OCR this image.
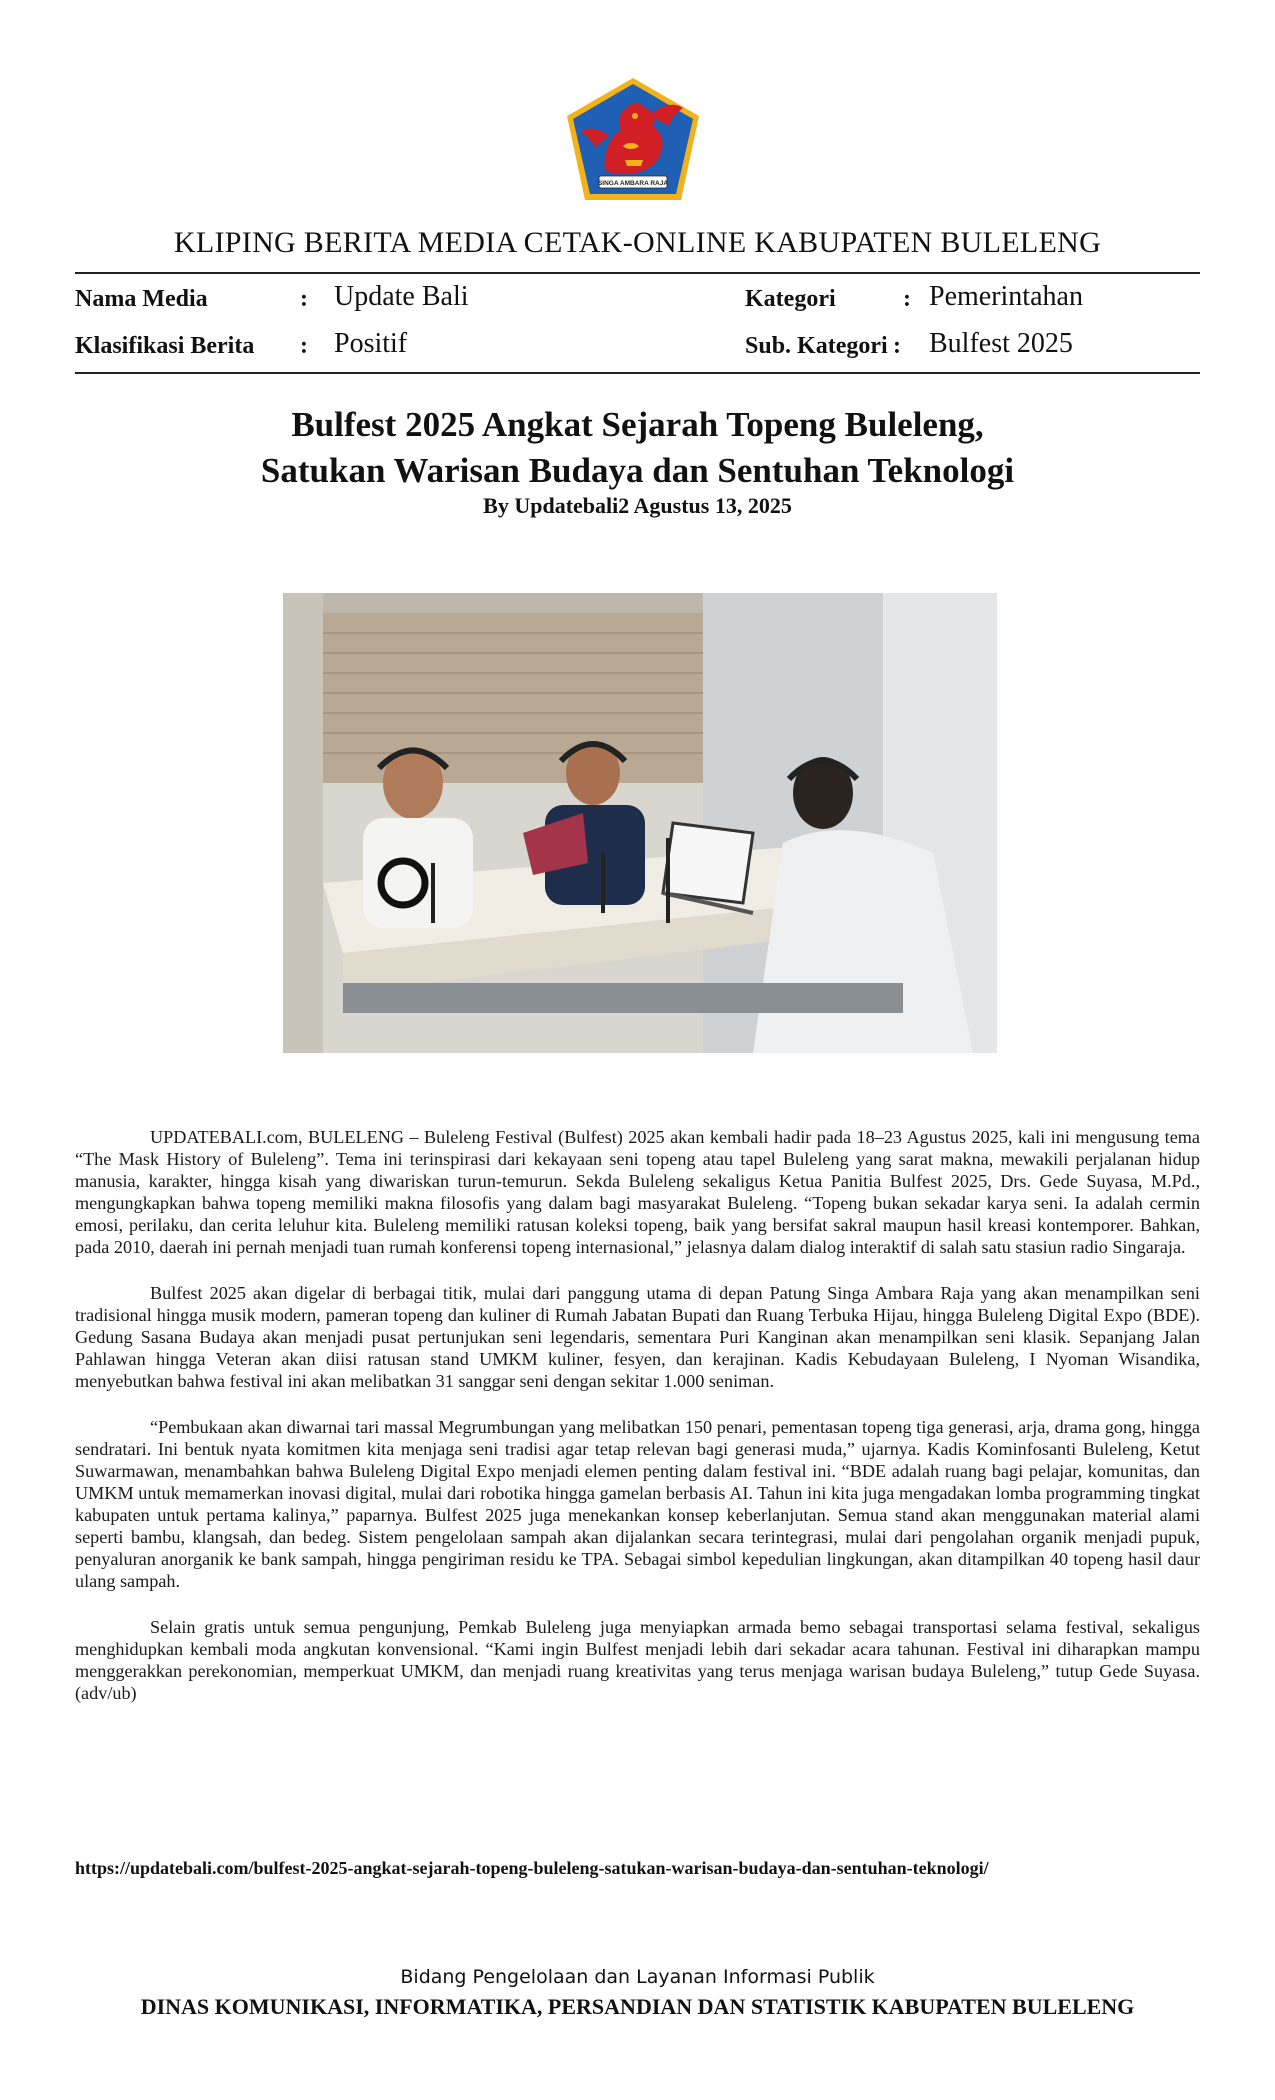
SINGA AMBARA RAJA
KLIPING BERITA MEDIA CETAK-ONLINE KABUPATEN BULELENG
Nama Media	: Update Bali	Kategori	: Pemerintahan
Klasifikasi Berita : Positif	Sub. Kategori : Bulfest 2025
Bulfest 2025 Angkat Sejarah Topeng Buleleng,
Satukan Warisan Budaya dan Sentuhan Teknologi
By Updatebali2 Agustus 13, 2025

UPDATEBALI.com, BULELENG – Buleleng Festival (Bulfest) 2025 akan kembali hadir pada 18–23 Agustus 2025, kali ini mengusung tema “The Mask History of Buleleng”. Tema ini terinspirasi dari kekayaan seni topeng atau tapel Buleleng yang sarat makna, mewakili perjalanan hidup manusia, karakter, hingga kisah yang diwariskan turun-temurun. Sekda Buleleng sekaligus Ketua Panitia Bulfest 2025, Drs. Gede Suyasa, M.Pd., mengungkapkan bahwa topeng memiliki makna filosofis yang dalam bagi masyarakat Buleleng. “Topeng bukan sekadar karya seni. Ia adalah cermin emosi, perilaku, dan cerita leluhur kita. Buleleng memiliki ratusan koleksi topeng, baik yang bersifat sakral maupun hasil kreasi kontemporer. Bahkan, pada 2010, daerah ini pernah menjadi tuan rumah konferensi topeng internasional,” jelasnya dalam dialog interaktif di salah satu stasiun radio Singaraja.

Bulfest 2025 akan digelar di berbagai titik, mulai dari panggung utama di depan Patung Singa Ambara Raja yang akan menampilkan seni tradisional hingga musik modern, pameran topeng dan kuliner di Rumah Jabatan Bupati dan Ruang Terbuka Hijau, hingga Buleleng Digital Expo (BDE). Gedung Sasana Budaya akan menjadi pusat pertunjukan seni legendaris, sementara Puri Kanginan akan menampilkan seni klasik. Sepanjang Jalan Pahlawan hingga Veteran akan diisi ratusan stand UMKM kuliner, fesyen, dan kerajinan. Kadis Kebudayaan Buleleng, I Nyoman Wisandika, menyebutkan bahwa festival ini akan melibatkan 31 sanggar seni dengan sekitar 1.000 seniman.

“Pembukaan akan diwarnai tari massal Megrumbungan yang melibatkan 150 penari, pementasan topeng tiga generasi, arja, drama gong, hingga sendratari. Ini bentuk nyata komitmen kita menjaga seni tradisi agar tetap relevan bagi generasi muda,” ujarnya. Kadis Kominfosanti Buleleng, Ketut Suwarmawan, menambahkan bahwa Buleleng Digital Expo menjadi elemen penting dalam festival ini. “BDE adalah ruang bagi pelajar, komunitas, dan UMKM untuk memamerkan inovasi digital, mulai dari robotika hingga gamelan berbasis AI. Tahun ini kita juga mengadakan lomba programming tingkat kabupaten untuk pertama kalinya,” paparnya. Bulfest 2025 juga menekankan konsep keberlanjutan. Semua stand akan menggunakan material alami seperti bambu, klangsah, dan bedeg. Sistem pengelolaan sampah akan dijalankan secara terintegrasi, mulai dari pengolahan organik menjadi pupuk, penyaluran anorganik ke bank sampah, hingga pengiriman residu ke TPA. Sebagai simbol kepedulian lingkungan, akan ditampilkan 40 topeng hasil daur ulang sampah.

Selain gratis untuk semua pengunjung, Pemkab Buleleng juga menyiapkan armada bemo sebagai transportasi selama festival, sekaligus menghidupkan kembali moda angkutan konvensional. “Kami ingin Bulfest menjadi lebih dari sekadar acara tahunan. Festival ini diharapkan mampu menggerakkan perekonomian, memperkuat UMKM, dan menjadi ruang kreativitas yang terus menjaga warisan budaya Buleleng,” tutup Gede Suyasa.(adv/ub)

https://updatebali.com/bulfest-2025-angkat-sejarah-topeng-buleleng-satukan-warisan-budaya-dan-sentuhan-teknologi/
Bidang Pengelolaan dan Layanan Informasi Publik
DINAS KOMUNIKASI, INFORMATIKA, PERSANDIAN DAN STATISTIK KABUPATEN BULELENG
